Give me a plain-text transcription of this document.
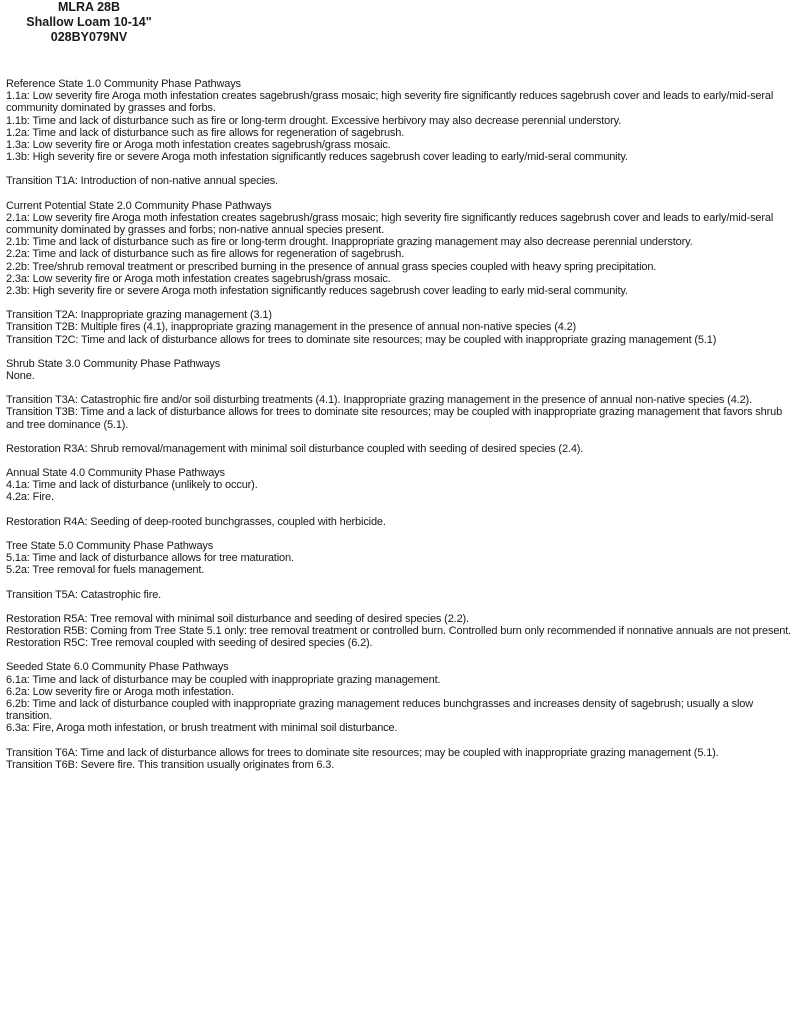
MLRA 28B
Shallow Loam 10-14"
028BY079NV
Reference State 1.0 Community Phase Pathways
1.1a: Low severity fire Aroga moth infestation creates sagebrush/grass mosaic; high severity fire significantly reduces sagebrush cover and leads to early/mid-seral community dominated by grasses and forbs.
1.1b: Time and lack of disturbance such as fire or long-term drought. Excessive herbivory may also decrease perennial understory.
1.2a: Time and lack of disturbance such as fire allows for regeneration of sagebrush.
1.3a: Low severity fire or Aroga moth infestation creates sagebrush/grass mosaic.
1.3b: High severity fire or severe Aroga moth infestation significantly reduces sagebrush cover leading to early/mid-seral community.
Transition T1A: Introduction of non-native annual species.
Current Potential State 2.0 Community Phase Pathways
2.1a: Low severity fire Aroga moth infestation creates sagebrush/grass mosaic; high severity fire significantly reduces sagebrush cover and leads to early/mid-seral community dominated by grasses and forbs; non-native annual species present.
2.1b: Time and lack of disturbance such as fire or long-term drought. Inappropriate grazing management may also decrease perennial understory.
2.2a: Time and lack of disturbance such as fire allows for regeneration of sagebrush.
2.2b: Tree/shrub removal treatment or prescribed burning in the presence of annual grass species coupled with heavy spring precipitation.
2.3a: Low severity fire or Aroga moth infestation creates sagebrush/grass mosaic.
2.3b: High severity fire or severe Aroga moth infestation significantly reduces sagebrush cover leading to early mid-seral community.
Transition T2A: Inappropriate grazing management (3.1)
Transition T2B: Multiple fires (4.1), inappropriate grazing management in the presence of annual non-native species (4.2)
Transition T2C: Time and lack of disturbance allows for trees to dominate site resources; may be coupled with inappropriate grazing management (5.1)
Shrub State 3.0 Community Phase Pathways
None.
Transition T3A: Catastrophic fire and/or soil disturbing treatments (4.1). Inappropriate grazing management in the presence of annual non-native species (4.2).
Transition T3B: Time and a lack of disturbance allows for trees to dominate site resources; may be coupled with inappropriate grazing management that favors shrub and tree dominance (5.1).
Restoration R3A: Shrub removal/management with minimal soil disturbance coupled with seeding of desired species (2.4).
Annual State 4.0 Community Phase Pathways
4.1a: Time and lack of disturbance (unlikely to occur).
4.2a: Fire.
Restoration R4A: Seeding of deep-rooted bunchgrasses, coupled with herbicide.
Tree State 5.0 Community Phase Pathways
5.1a: Time and lack of disturbance allows for tree maturation.
5.2a: Tree removal for fuels management.
Transition T5A: Catastrophic fire.
Restoration R5A: Tree removal with minimal soil disturbance and seeding of desired species (2.2).
Restoration R5B: Coming from Tree State 5.1 only: tree removal treatment or controlled burn. Controlled burn only recommended if nonnative annuals are not present.
Restoration R5C: Tree removal coupled with seeding of desired species (6.2).
Seeded State 6.0 Community Phase Pathways
6.1a: Time and lack of disturbance may be coupled with inappropriate grazing management.
6.2a: Low severity fire or Aroga moth infestation.
6.2b: Time and lack of disturbance coupled with inappropriate grazing management reduces bunchgrasses and increases density of sagebrush; usually a slow transition.
6.3a: Fire, Aroga moth infestation, or brush treatment with minimal soil disturbance.
Transition T6A: Time and lack of disturbance allows for trees to dominate site resources; may be coupled with inappropriate grazing management (5.1).
Transition T6B: Severe fire. This transition usually originates from 6.3.
